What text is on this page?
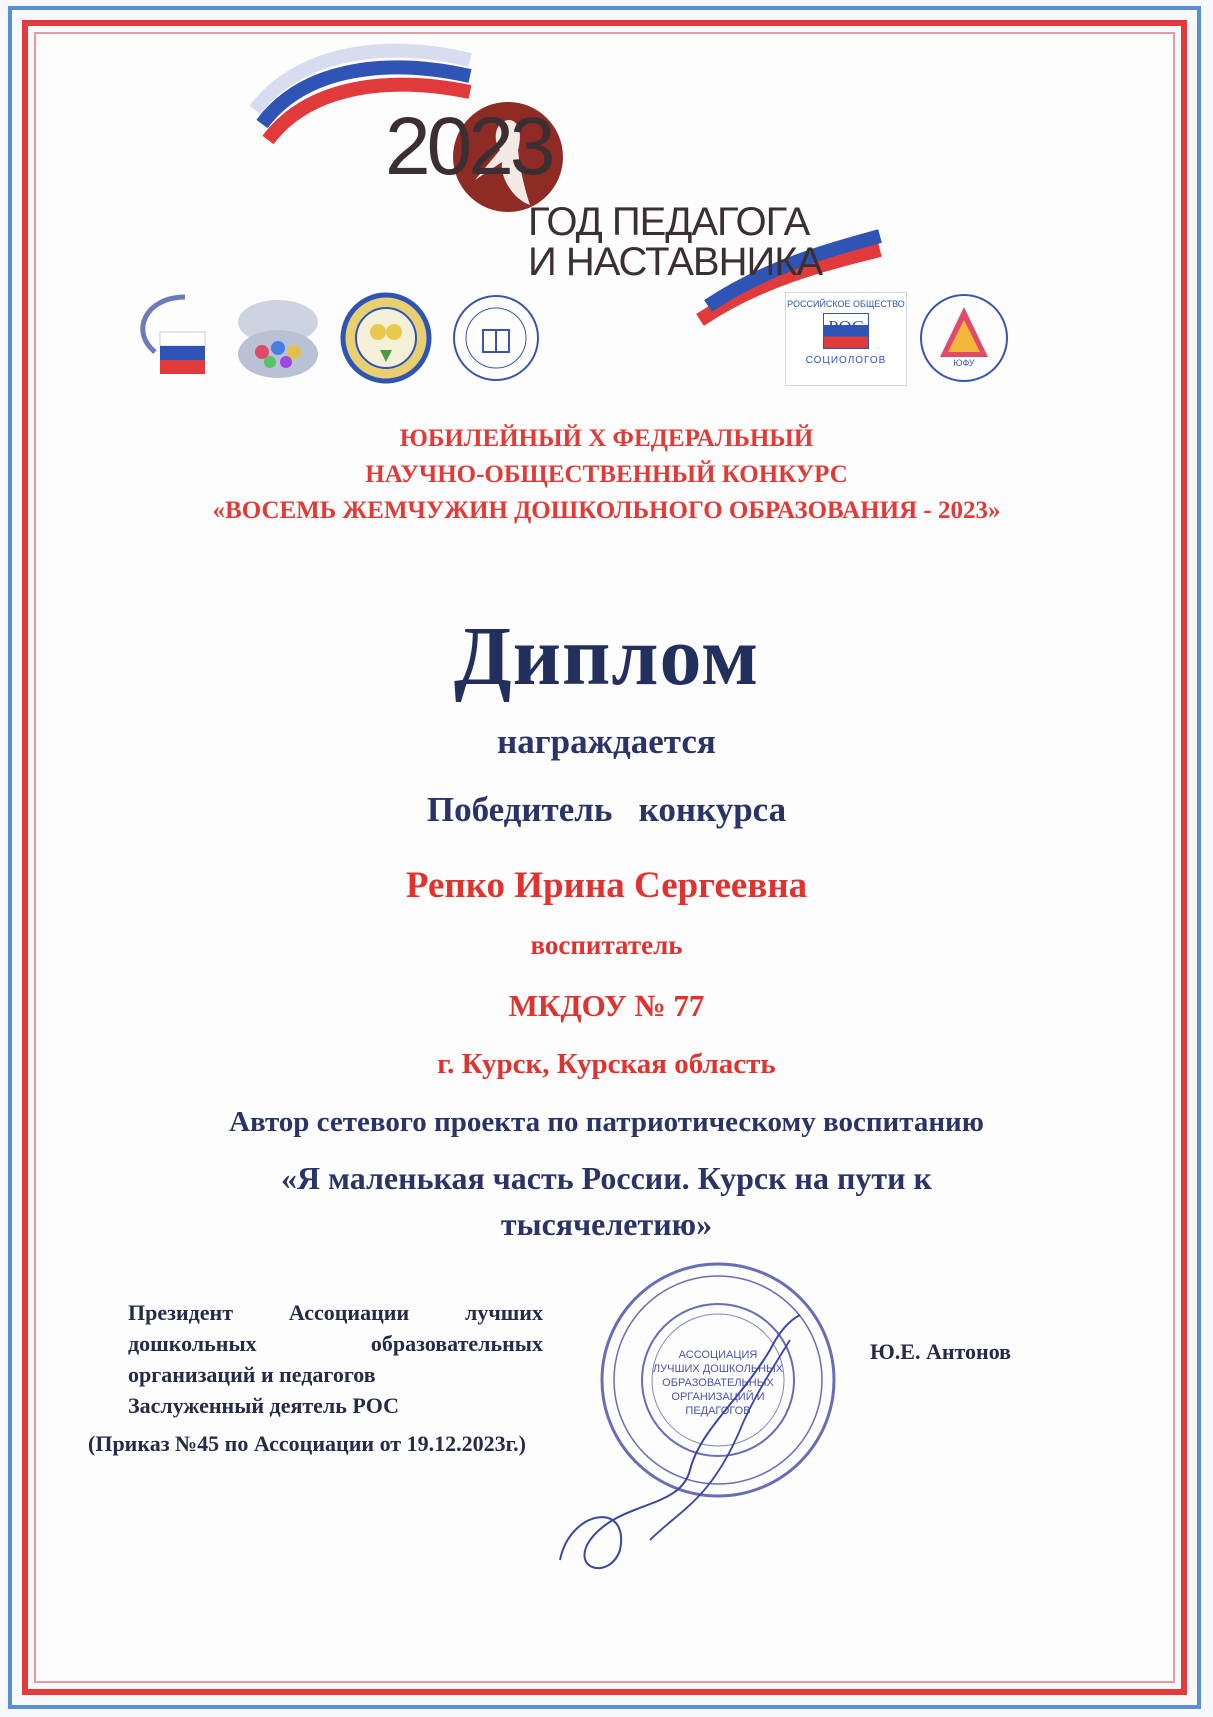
2023
ГОД ПЕДАГОГА
И НАСТАВНИКА
РОССИЙСКОЕ ОБЩЕСТВО
РОС
СОЦИОЛОГОВ	ЮФУ
ЮБИЛЕЙНЫЙ X ФЕДЕРАЛЬНЫЙ
НАУЧНО-ОБЩЕСТВЕННЫЙ КОНКУРС
«ВОСЕМЬ ЖЕМЧУЖИН ДОШКОЛЬНОГО ОБРАЗОВАНИЯ - 2023»
Диплом
награждается
Победитель   конкурса
Репко Ирина Сергеевна
воспитатель
МКДОУ № 77
г. Курск, Курская область
Автор сетевого проекта по патриотическому воспитанию
«Я маленькая часть России. Курск на пути к
тысячелетию»
Президент Ассоциации лучших
дошкольных образовательных
организаций и педагогов
Заслуженный деятель РОС
(Приказ №45 по Ассоциации от 19.12.2023г.)
Ю.Е. Антонов
АССОЦИАЦИЯ
ЛУЧШИХ ДОШКОЛЬНЫХ
ОБРАЗОВАТЕЛЬНЫХ
ОРГАНИЗАЦИЙ И
ПЕДАГОГОВ
